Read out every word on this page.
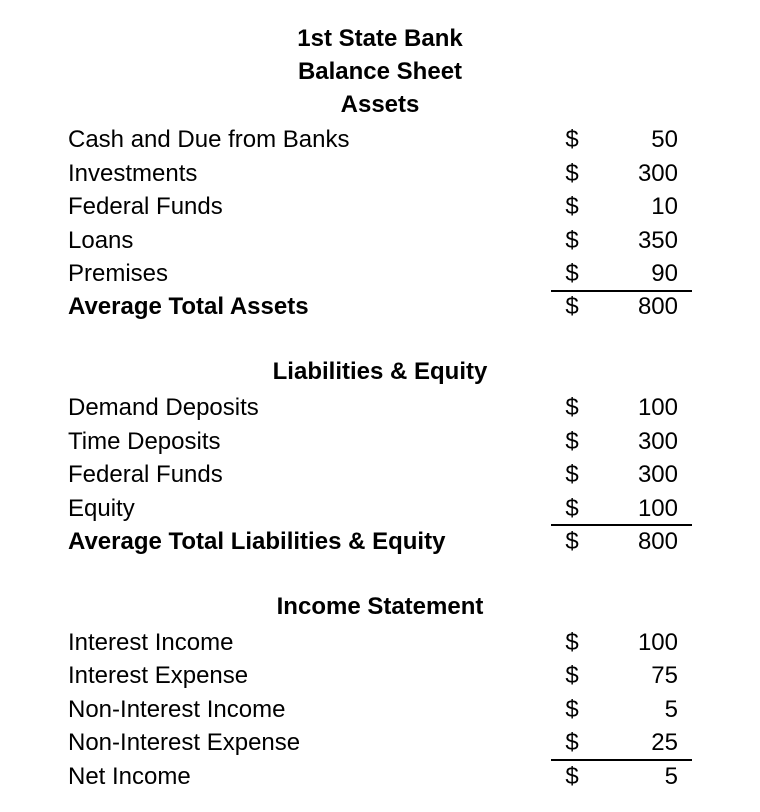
1st State Bank
Balance Sheet
Assets
Cash and Due from Banks	$	50
Investments	$	300
Federal Funds	$	10
Loans	$	350
Premises	$	90
Average Total Assets	$	800
Liabilities & Equity
Demand Deposits	$	100
Time Deposits	$	300
Federal Funds	$	300
Equity	$	100
Average Total Liabilities & Equity	$	800
Income Statement
Interest Income	$	100
Interest Expense	$	75
Non-Interest Income	$	5
Non-Interest Expense	$	25
Net Income	$	5
